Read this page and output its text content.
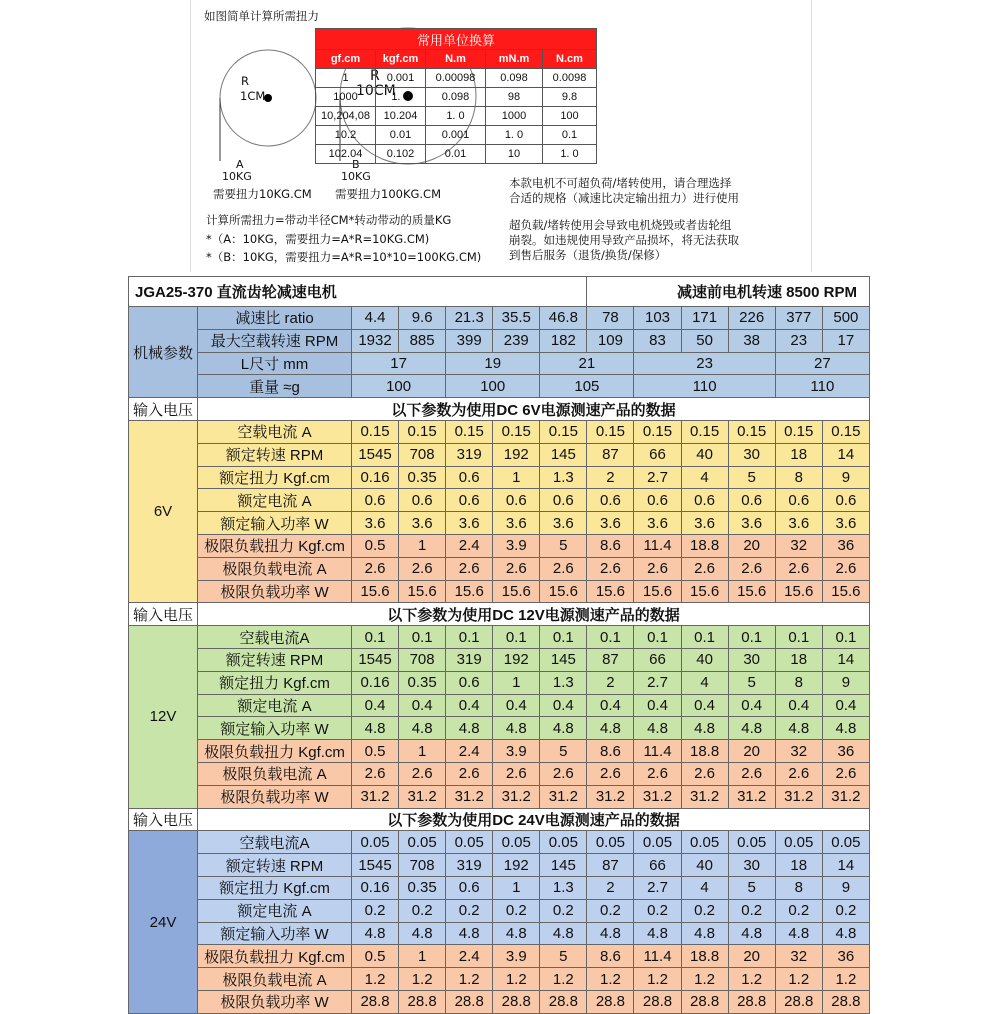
如图简单计算所需扭力
R
1CM
A
10KG
需要扭力10KG.CM
R
10CM
B
10KG
需要扭力100KG.CM
计算所需扭力=带动半径CM*转动带动的质量KG
*（A：10KG，需要扭力=A*R=10KG.CM)
*（B：10KG，需要扭力=A*R=10*10=100KG.CM)
常用单位换算				
gf.cm	kgf.cm	N.m	mN.m	N.cm
1	0.001	0.00098	0.098	0.0098
1000	1. 0	0.098	98	9.8
10,204,08	10.204	1. 0	1000	100
10.2	0.01	0.001	1. 0	0.1
102.04	0.102	0.01	10	1. 0
本款电机不可超负荷/堵转使用，请合理选择
合适的规格（减速比决定输出扭力）进行使用
超负载/堵转使用会导致电机烧毁或者齿轮组
崩裂。如违规使用导致产品损坏，将无法获取
到售后服务（退货/换货/保修）
JGA25-370 直流齿轮减速电机							减速前电机转速 8500 RPM					
机械参数	减速比 ratio	4.4	9.6	21.3	35.5	46.8	78	103	171	226	377	500
	最大空载转速 RPM	1932	885	399	239	182	109	83	50	38	23	17
	L尺寸 mm	17		19		21		23			27	
	重量 ≈g	100		100		105		110			110	
输入电压	以下参数为使用DC 6V电源测速产品的数据											
6V	空载电流 A	0.15	0.15	0.15	0.15	0.15	0.15	0.15	0.15	0.15	0.15	0.15
	额定转速 RPM	1545	708	319	192	145	87	66	40	30	18	14
	额定扭力 Kgf.cm	0.16	0.35	0.6	1	1.3	2	2.7	4	5	8	9
	额定电流 A	0.6	0.6	0.6	0.6	0.6	0.6	0.6	0.6	0.6	0.6	0.6
	额定输入功率 W	3.6	3.6	3.6	3.6	3.6	3.6	3.6	3.6	3.6	3.6	3.6
	极限负载扭力 Kgf.cm	0.5	1	2.4	3.9	5	8.6	11.4	18.8	20	32	36
	极限负载电流 A	2.6	2.6	2.6	2.6	2.6	2.6	2.6	2.6	2.6	2.6	2.6
	极限负载功率 W	15.6	15.6	15.6	15.6	15.6	15.6	15.6	15.6	15.6	15.6	15.6
输入电压	以下参数为使用DC 12V电源测速产品的数据											
12V	空载电流A	0.1	0.1	0.1	0.1	0.1	0.1	0.1	0.1	0.1	0.1	0.1
	额定转速 RPM	1545	708	319	192	145	87	66	40	30	18	14
	额定扭力 Kgf.cm	0.16	0.35	0.6	1	1.3	2	2.7	4	5	8	9
	额定电流 A	0.4	0.4	0.4	0.4	0.4	0.4	0.4	0.4	0.4	0.4	0.4
	额定输入功率 W	4.8	4.8	4.8	4.8	4.8	4.8	4.8	4.8	4.8	4.8	4.8
	极限负载扭力 Kgf.cm	0.5	1	2.4	3.9	5	8.6	11.4	18.8	20	32	36
	极限负载电流 A	2.6	2.6	2.6	2.6	2.6	2.6	2.6	2.6	2.6	2.6	2.6
	极限负载功率 W	31.2	31.2	31.2	31.2	31.2	31.2	31.2	31.2	31.2	31.2	31.2
输入电压	以下参数为使用DC 24V电源测速产品的数据											
24V	空载电流A	0.05	0.05	0.05	0.05	0.05	0.05	0.05	0.05	0.05	0.05	0.05
	额定转速 RPM	1545	708	319	192	145	87	66	40	30	18	14
	额定扭力 Kgf.cm	0.16	0.35	0.6	1	1.3	2	2.7	4	5	8	9
	额定电流 A	0.2	0.2	0.2	0.2	0.2	0.2	0.2	0.2	0.2	0.2	0.2
	额定输入功率 W	4.8	4.8	4.8	4.8	4.8	4.8	4.8	4.8	4.8	4.8	4.8
	极限负载扭力 Kgf.cm	0.5	1	2.4	3.9	5	8.6	11.4	18.8	20	32	36
	极限负载电流 A	1.2	1.2	1.2	1.2	1.2	1.2	1.2	1.2	1.2	1.2	1.2
	极限负载功率 W	28.8	28.8	28.8	28.8	28.8	28.8	28.8	28.8	28.8	28.8	28.8
